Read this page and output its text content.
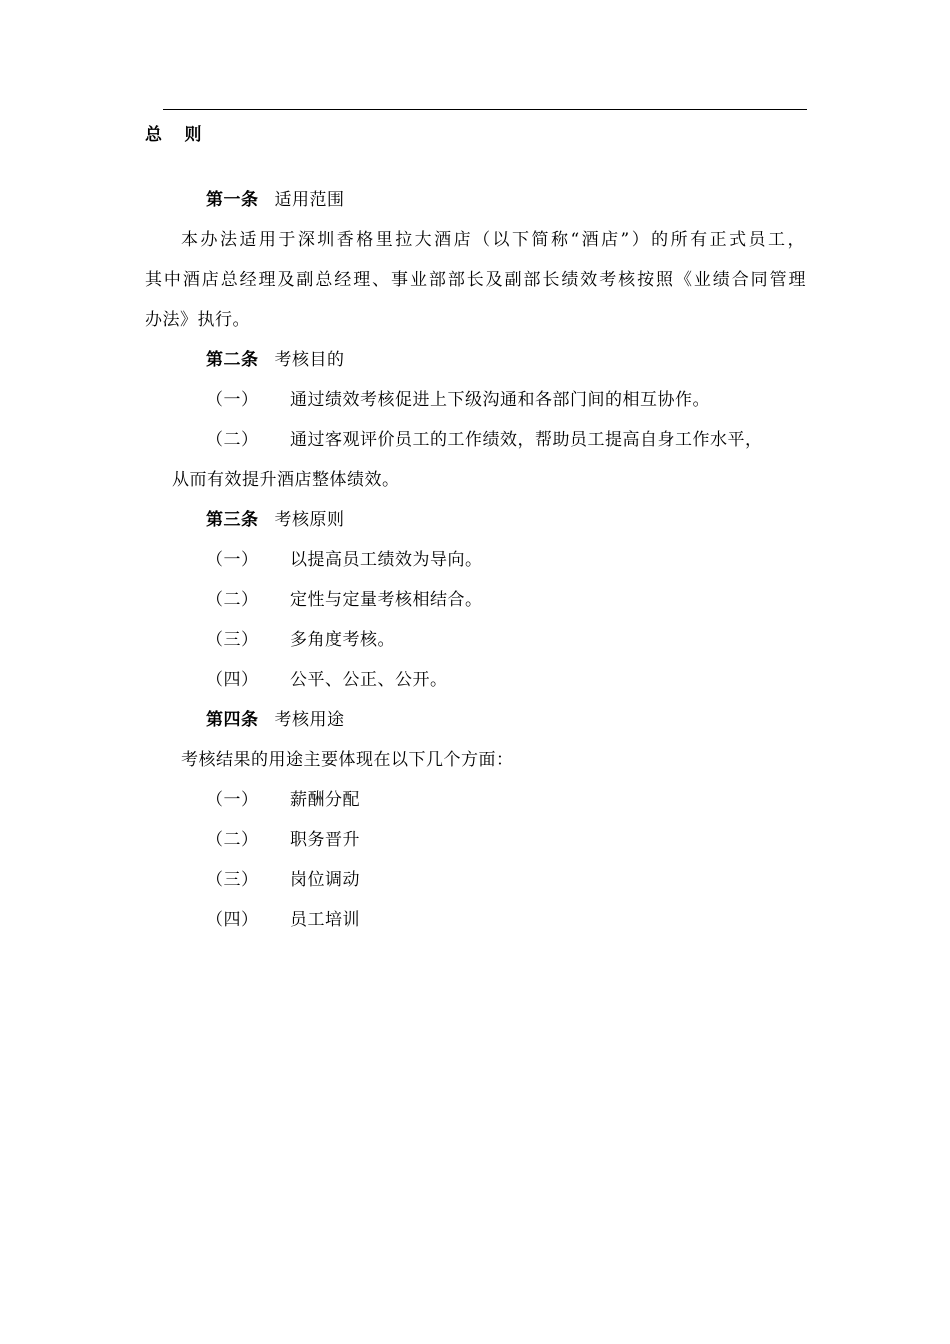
总 则
第一条 适用范围
本办法适用于深圳香格里拉大酒店（以下简称“酒店”）的所有正式员工，
其中酒店总经理及副总经理、事业部部长及副部长绩效考核按照《业绩合同管理
办法》执行。
第二条 考核目的
（一） 通过绩效考核促进上下级沟通和各部门间的相互协作。
（二） 通过客观评价员工的工作绩效，帮助员工提高自身工作水平，
从而有效提升酒店整体绩效。
第三条 考核原则
（一） 以提高员工绩效为导向。
（二） 定性与定量考核相结合。
（三） 多角度考核。
（四） 公平、公正、公开。
第四条 考核用途
考核结果的用途主要体现在以下几个方面：
（一） 薪酬分配
（二） 职务晋升
（三） 岗位调动
（四） 员工培训
